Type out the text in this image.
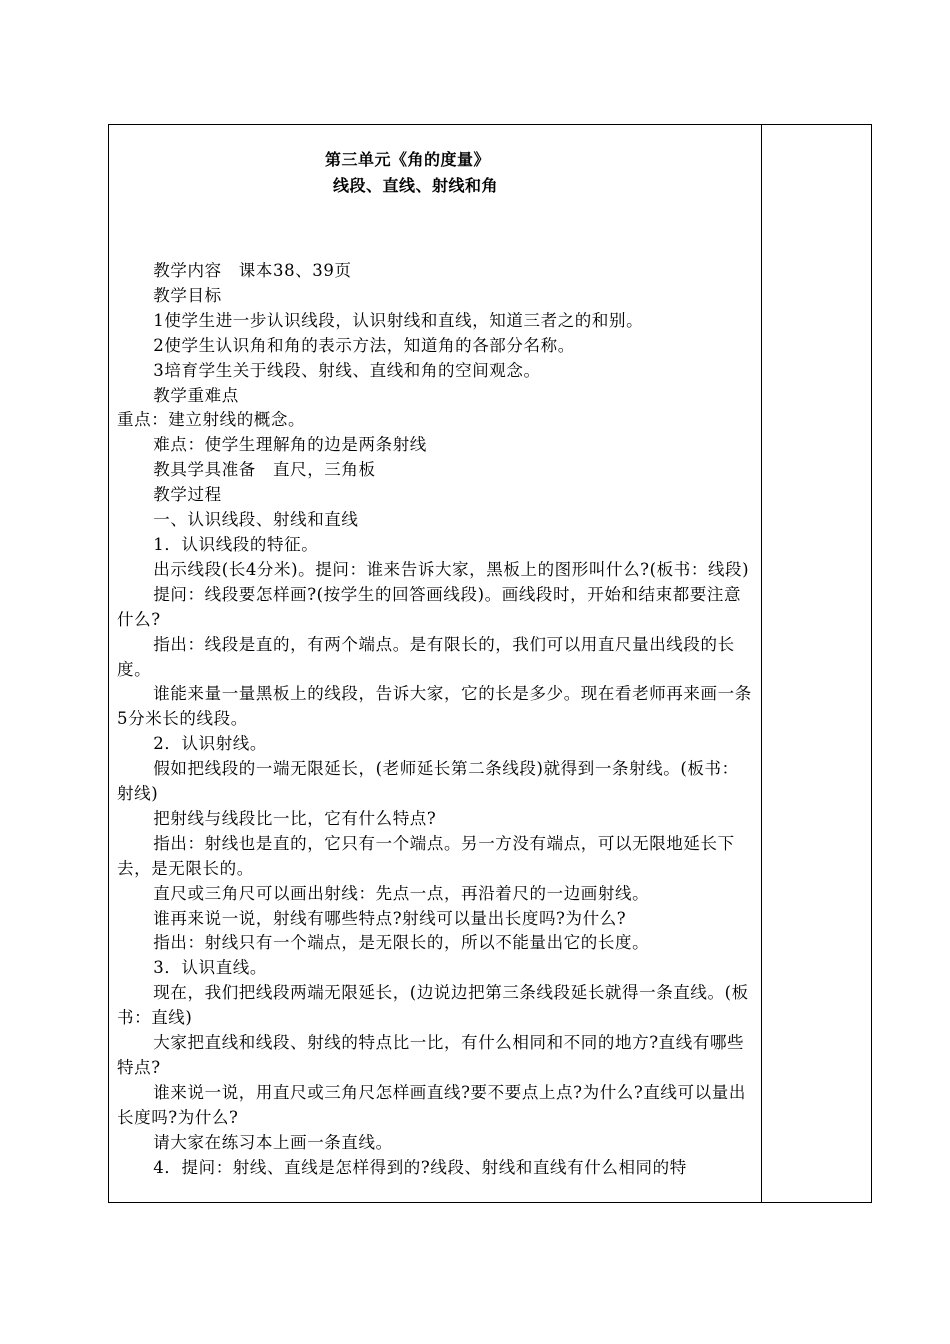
第三单元《角的度量》
线段、直线、射线和角

教学内容　课本38、39页

教学目标

1使学生进一步认识线段，认识射线和直线，知道三者之的和别。

2使学生认识角和角的表示方法，知道角的各部分名称。

3培育学生关于线段、射线、直线和角的空间观念。

教学重难点

重点：建立射线的概念。

难点：使学生理解角的边是两条射线

教具学具准备　直尺，三角板

教学过程

一、认识线段、射线和直线

1．认识线段的特征。

出示线段(长4分米)。提问：谁来告诉大家，黑板上的图形叫什么?(板书：线段)

提问：线段要怎样画?(按学生的回答画线段)。画线段时，开始和结束都要注意什么?

指出：线段是直的，有两个端点。是有限长的，我们可以用直尺量出线段的长度。

谁能来量一量黑板上的线段，告诉大家，它的长是多少。现在看老师再来画一条5分米长的线段。

2．认识射线。

假如把线段的一端无限延长，(老师延长第二条线段)就得到一条射线。(板书：射线)

把射线与线段比一比，它有什么特点?

指出：射线也是直的，它只有一个端点。另一方没有端点，可以无限地延长下去，是无限长的。

直尺或三角尺可以画出射线：先点一点，再沿着尺的一边画射线。

谁再来说一说，射线有哪些特点?射线可以量出长度吗?为什么?

指出：射线只有一个端点，是无限长的，所以不能量出它的长度。

3．认识直线。

现在，我们把线段两端无限延长，(边说边把第三条线段延长就得一条直线。(板书：直线)

大家把直线和线段、射线的特点比一比，有什么相同和不同的地方?直线有哪些特点?

谁来说一说，用直尺或三角尺怎样画直线?要不要点上点?为什么?直线可以量出长度吗?为什么?

请大家在练习本上画一条直线。

4．提问：射线、直线是怎样得到的?线段、射线和直线有什么相同的特
